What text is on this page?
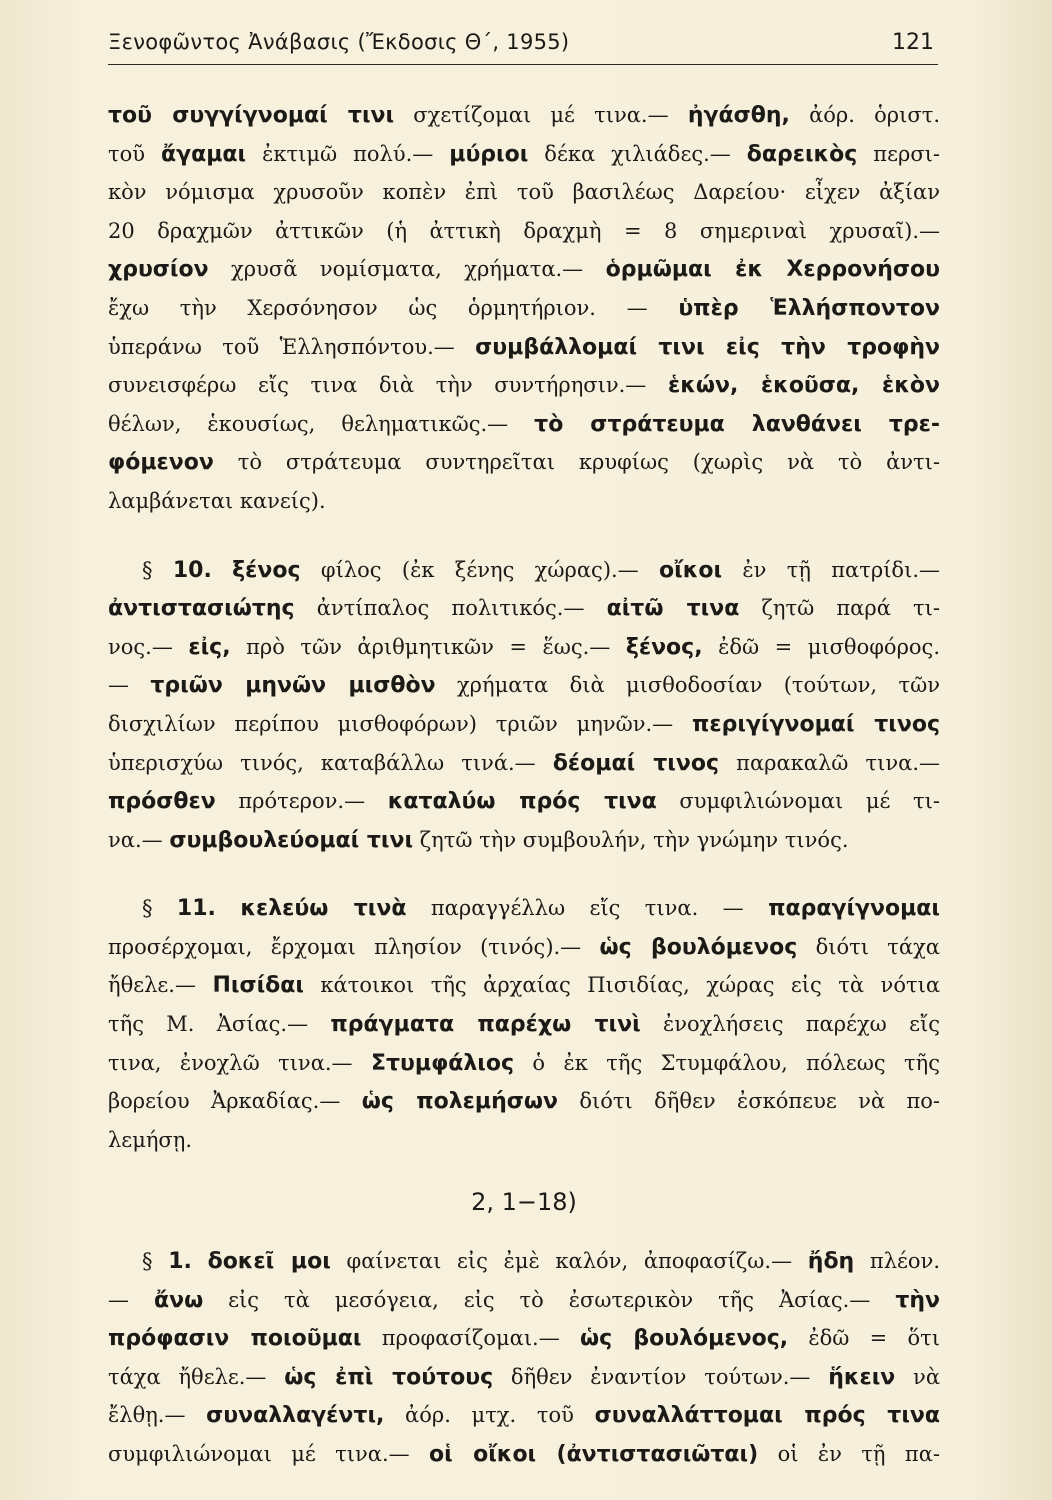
Ξενοφῶντος Ἀνάβασις (Ἔκδοσις Θ΄, 1955)	121
τοῦ συγγίγνομαί τινι σχετίζομαι μέ τινα.— ἠγάσθη, ἀόρ. ὁριστ.
τοῦ ἄγαμαι ἐκτιμῶ πολύ.— μύριοι δέκα χιλιάδες.— δαρεικὸς περσι-
κὸν νόμισμα χρυσοῦν κοπὲν ἐπὶ τοῦ βασιλέως Δαρείου· εἶχεν ἀξίαν
20 δραχμῶν ἀττικῶν (ἡ ἀττικὴ δραχμὴ = 8 σημεριναὶ χρυσαῖ).—
χρυσίον χρυσᾶ νομίσματα, χρήματα.— ὁρμῶμαι ἐκ Χερρονήσου
ἔχω τὴν Χερσόνησον ὡς ὁρμητήριον. — ὑπὲρ Ἑλλήσποντον
ὑπεράνω τοῦ Ἑλλησπόντου.— συμβάλλομαί τινι εἰς τὴν τροφὴν
συνεισφέρω εἴς τινα διὰ τὴν συντήρησιν.— ἑκών, ἑκοῦσα, ἑκὸν
θέλων, ἑκουσίως, θεληματικῶς.— τὸ στράτευμα λανθάνει τρε-
φόμενον τὸ στράτευμα συντηρεῖται κρυφίως (χωρὶς νὰ τὸ ἀντι-
λαμβάνεται κανείς).
§ 10. ξένος φίλος (ἐκ ξένης χώρας).— οἴκοι ἐν τῇ πατρίδι.—
ἀντιστασιώτης ἀντίπαλος πολιτικός.— αἰτῶ τινα ζητῶ παρά τι-
νος.— εἰς, πρὸ τῶν ἀριθμητικῶν = ἕως.— ξένος, ἐδῶ = μισθοφόρος.
— τριῶν μηνῶν μισθὸν χρήματα διὰ μισθοδοσίαν (τούτων, τῶν
δισχιλίων περίπου μισθοφόρων) τριῶν μηνῶν.— περιγίγνομαί τινος
ὑπερισχύω τινός, καταβάλλω τινά.— δέομαί τινος παρακαλῶ τινα.—
πρόσθεν πρότερον.— καταλύω πρός τινα συμφιλιώνομαι μέ τι-
να.— συμβουλεύομαί τινι ζητῶ τὴν συμβουλήν, τὴν γνώμην τινός.
§ 11. κελεύω τινὰ παραγγέλλω εἴς τινα. — παραγίγνομαι
προσέρχομαι, ἔρχομαι πλησίον (τινός).— ὡς βουλόμενος διότι τάχα
ἤθελε.— Πισίδαι κάτοικοι τῆς ἀρχαίας Πισιδίας, χώρας εἰς τὰ νότια
τῆς Μ. Ἀσίας.— πράγματα παρέχω τινὶ ἐνοχλήσεις παρέχω εἴς
τινα, ἐνοχλῶ τινα.— Στυμφάλιος ὁ ἐκ τῆς Στυμφάλου, πόλεως τῆς
βορείου Ἀρκαδίας.— ὡς πολεμήσων διότι δῆθεν ἐσκόπευε νὰ πο-
λεμήσῃ.
2, 1−18)
§ 1. δοκεῖ μοι φαίνεται εἰς ἐμὲ καλόν, ἀποφασίζω.— ἤδη πλέον.
— ἄνω εἰς τὰ μεσόγεια, εἰς τὸ ἐσωτερικὸν τῆς Ἀσίας.— τὴν
πρόφασιν ποιοῦμαι προφασίζομαι.— ὡς βουλόμενος, ἐδῶ = ὅτι
τάχα ἤθελε.— ὡς ἐπὶ τούτους δῆθεν ἐναντίον τούτων.— ἥκειν νὰ
ἔλθῃ.— συναλλαγέντι, ἀόρ. μτχ. τοῦ συναλλάττομαι πρός τινα
συμφιλιώνομαι μέ τινα.— οἱ οἴκοι (ἀντιστασιῶται) οἱ ἐν τῇ πα-
